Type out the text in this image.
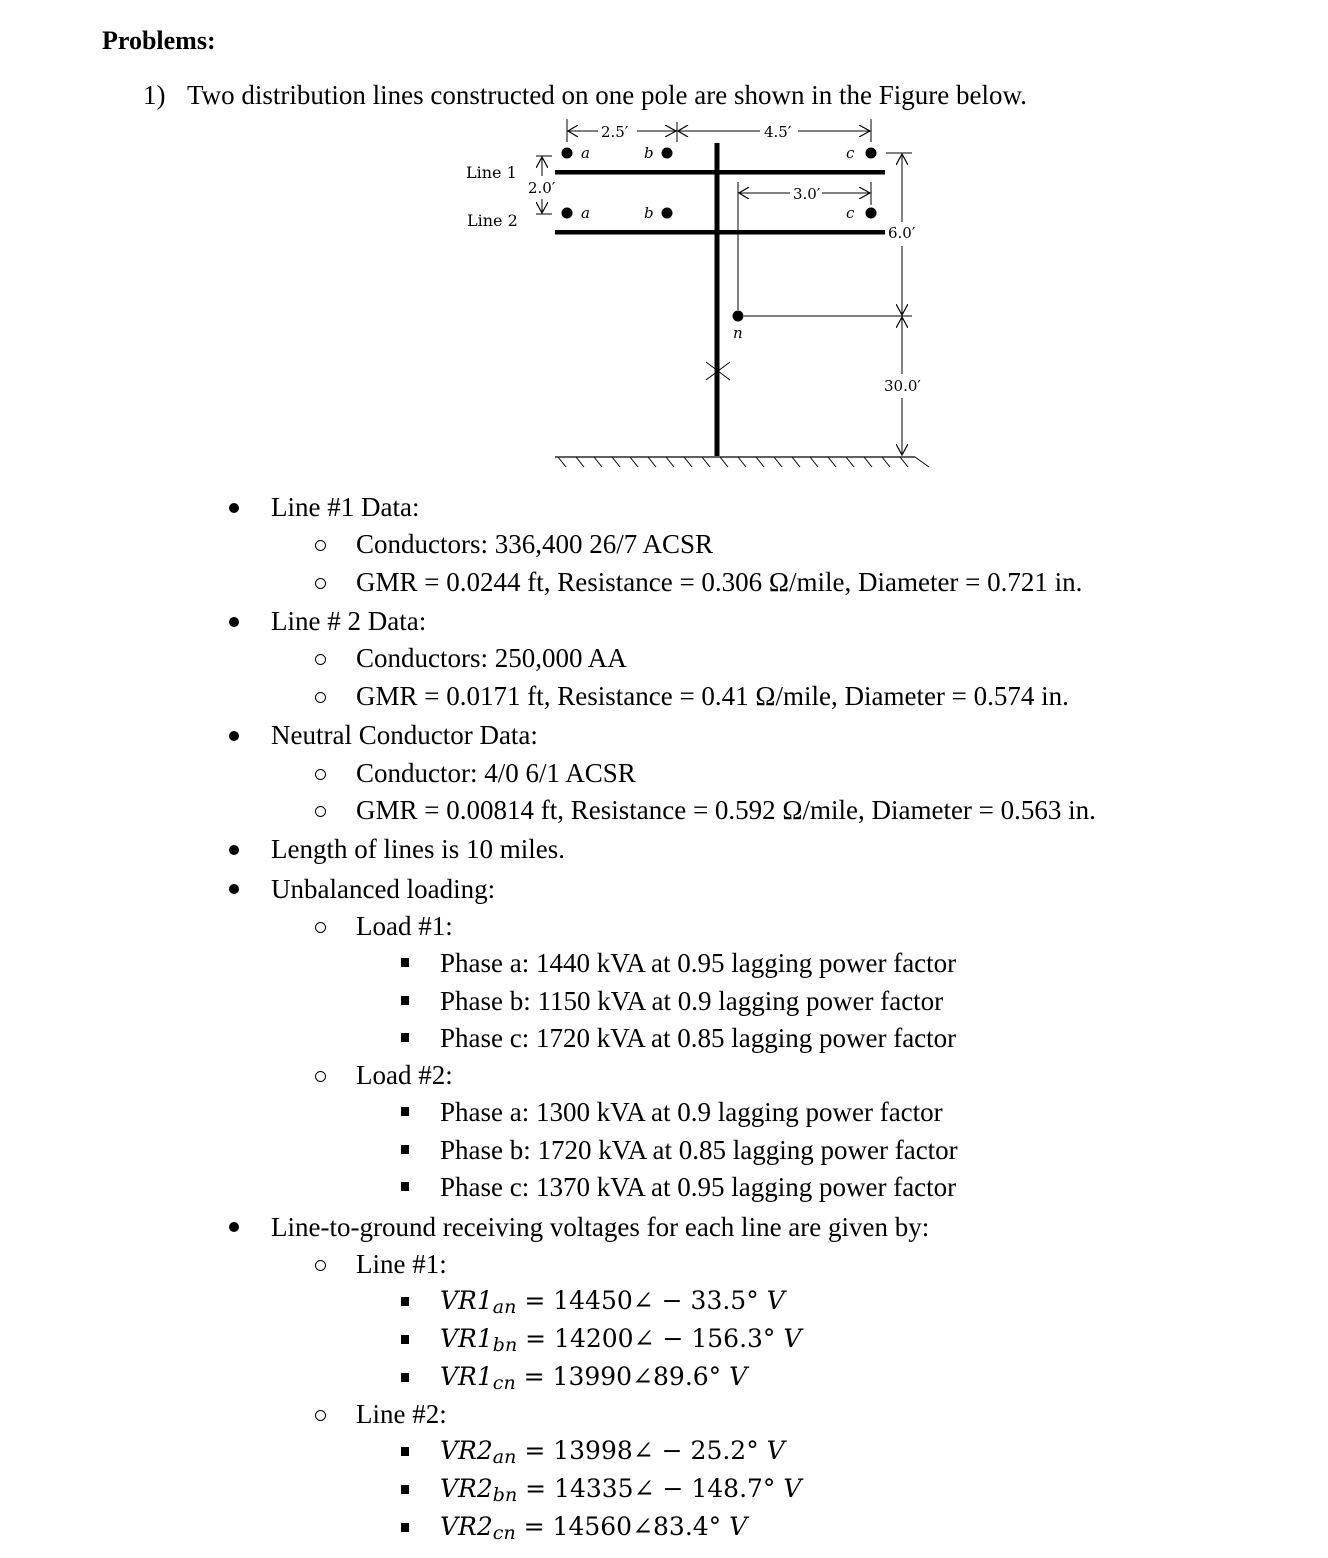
Problems:
1) Two distribution lines constructed on one pole are shown in the Figure below.
a	b	c
a	b	c
n
Line 1
Line 2
2.5′	4.5′
2.0′	3.0′
6.0′
30.0′
Line #1 Data:
Conductors: 336,400 26/7 ACSR
GMR = 0.0244 ft, Resistance = 0.306 Ω/mile, Diameter = 0.721 in.
Line # 2 Data:
Conductors: 250,000 AA
GMR = 0.0171 ft, Resistance = 0.41 Ω/mile, Diameter = 0.574 in.
Neutral Conductor Data:
Conductor: 4/0 6/1 ACSR
GMR = 0.00814 ft, Resistance = 0.592 Ω/mile, Diameter = 0.563 in.
Length of lines is 10 miles.
Unbalanced loading:
Load #1:
Phase a: 1440 kVA at 0.95 lagging power factor
Phase b: 1150 kVA at 0.9 lagging power factor
Phase c: 1720 kVA at 0.85 lagging power factor
Load #2:
Phase a: 1300 kVA at 0.9 lagging power factor
Phase b: 1720 kVA at 0.85 lagging power factor
Phase c: 1370 kVA at 0.95 lagging power factor
Line-to-ground receiving voltages for each line are given by:
Line #1:
$VR1_{an}$ = 14450∠ − 33.5° V
$VR1_{bn}$ = 14200∠ − 156.3° V
$VR1_{cn}$ = 13990∠89.6° V
Line #2:
$VR2_{an}$ = 13998∠ − 25.2° V
$VR2_{bn}$ = 14335∠ − 148.7° V
$VR2_{cn}$ = 14560∠83.4° V
